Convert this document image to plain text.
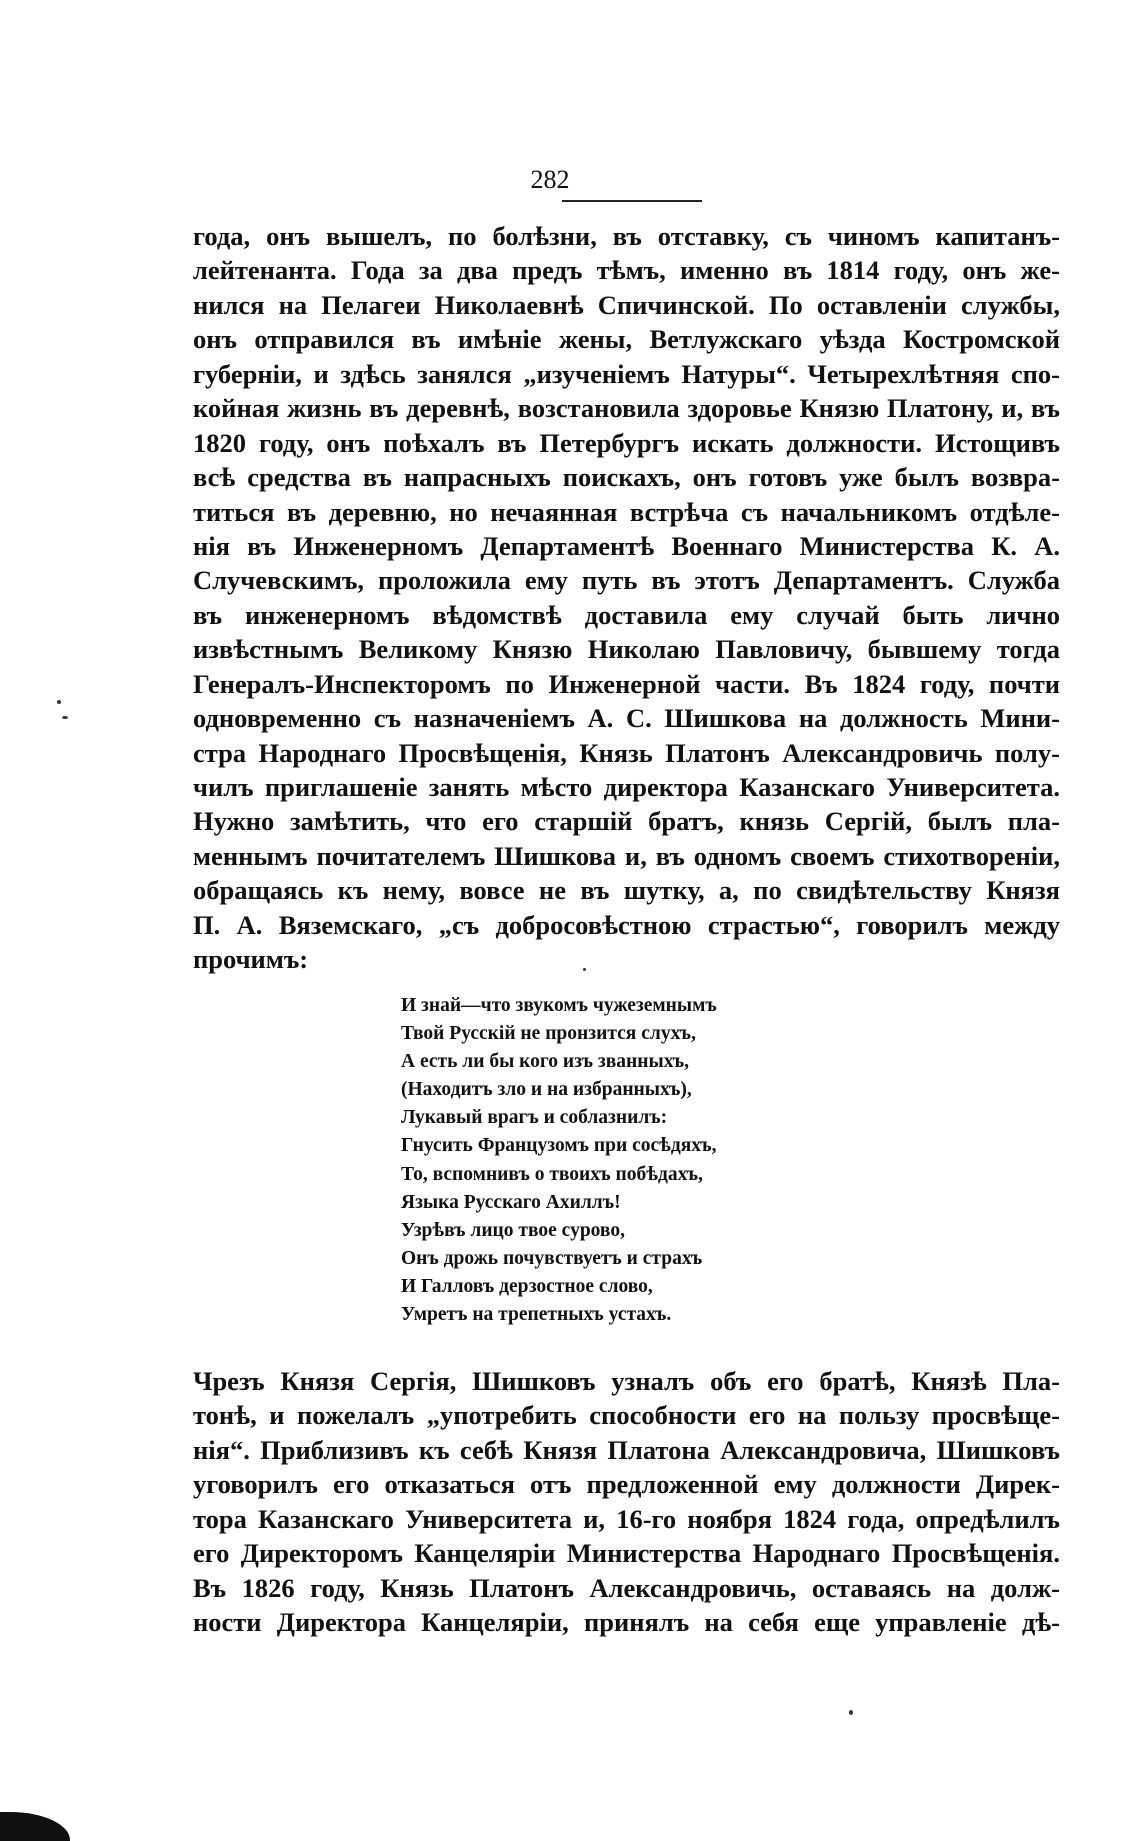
282
года, онъ вышелъ, по болѣзни, въ отставку, съ чиномъ капитанъ-
лейтенанта. Года за два предъ тѣмъ, именно въ 1814 году, онъ же-
нился на Пелагеи Николаевнѣ Спичинской. По оставленіи службы,
онъ отправился въ имѣніе жены, Ветлужскаго уѣзда Костромской
губерніи, и здѣсь занялся „изученіемъ Натуры“. Четырехлѣтняя спо-
койная жизнь въ деревнѣ, возстановила здоровье Князю Платону, и, въ
1820 году, онъ поѣхалъ въ Петербургъ искать должности. Истощивъ
всѣ средства въ напрасныхъ поискахъ, онъ готовъ уже былъ возвра-
титься въ деревню, но нечаянная встрѣча съ начальникомъ отдѣле-
нія въ Инженерномъ Департаментѣ Военнаго Министерства К. А.
Случевскимъ, проложила ему путь въ этотъ Департаментъ. Служба
въ инженерномъ вѣдомствѣ доставила ему случай быть лично
извѣстнымъ Великому Князю Николаю Павловичу, бывшему тогда
Генералъ-Инспекторомъ по Инженерной части. Въ 1824 году, почти
одновременно съ назначеніемъ А. С. Шишкова на должность Мини-
стра Народнаго Просвѣщенія, Князь Платонъ Александровичь полу-
чилъ приглашеніе занять мѣсто директора Казанскаго Университета.
Нужно замѣтить, что его старшій братъ, князь Сергій, былъ пла-
меннымъ почитателемъ Шишкова и, въ одномъ своемъ стихотвореніи,
обращаясь къ нему, вовсе не въ шутку, а, по свидѣтельству Князя
П. А. Вяземскаго, „съ добросовѣстною страстью“, говорилъ между
прочимъ:
И знай—что звукомъ чужеземнымъ
Твой Русскій не пронзится слухъ,
А есть ли бы кого изъ званныхъ,
(Находитъ зло и на избранныхъ),
Лукавый врагъ и соблазнилъ:
Гнусить Французомъ при сосѣдяхъ,
То, вспомнивъ о твоихъ побѣдахъ,
Языка Русскаго Ахиллъ!
Узрѣвъ лицо твое сурово,
Онъ дрожь почувствуетъ и страхъ
И Галловъ дерзостное слово,
Умретъ на трепетныхъ устахъ.
Чрезъ Князя Сергія, Шишковъ узналъ объ его братѣ, Князѣ Пла-
тонѣ, и пожелалъ „употребить способности его на пользу просвѣще-
нія“. Приблизивъ къ себѣ Князя Платона Александровича, Шишковъ
уговорилъ его отказаться отъ предложенной ему должности Дирек-
тора Казанскаго Университета и, 16-го ноября 1824 года, опредѣлилъ
его Директоромъ Канцеляріи Министерства Народнаго Просвѣщенія.
Въ 1826 году, Князь Платонъ Александровичь, оставаясь на долж-
ности Директора Канцеляріи, принялъ на себя еще управленіе дѣ-
